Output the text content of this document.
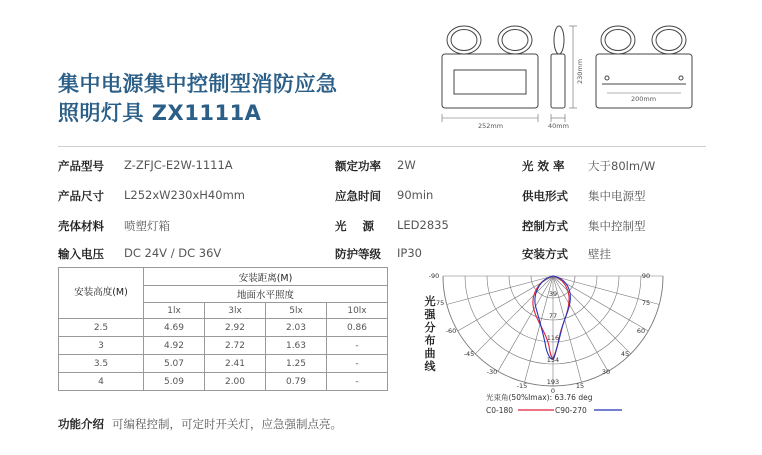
集中电源集中控制型消防应急
照明灯具 ZX1111A
252mm	40mm
230mm
200mm
产品型号 Z-ZFJC-E2W-1111A	额定功率 2W	光 效 率 大于80lm/W
产品尺寸 L252xW230xH40mm	应急时间 90min	供电形式 集中电源型
壳体材料 喷塑灯箱	光    源 LED2835	控制方式 集中控制型
输入电压 DC 24V / DC 36V	防护等级 IP30	安装方式 壁挂
安装高度(M)	安装距离(M)			
	地面水平照度			
	1lx	3lx	5lx	10lx
2.5	4.69	2.92	2.03	0.86
3	4.92	2.72	1.63	-
3.5	5.07	2.41	1.25	-
4	5.09	2.00	0.79	-
光
强
分
布
曲
线
-90
-75
-60
-45
-30
-15
90
75
60
45
30
15
0
39
77
116
154
193
光束角(50%Imax): 63.76 deg
C0-180	C90-270
功能介绍 可编程控制，可定时开关灯，应急强制点亮。
